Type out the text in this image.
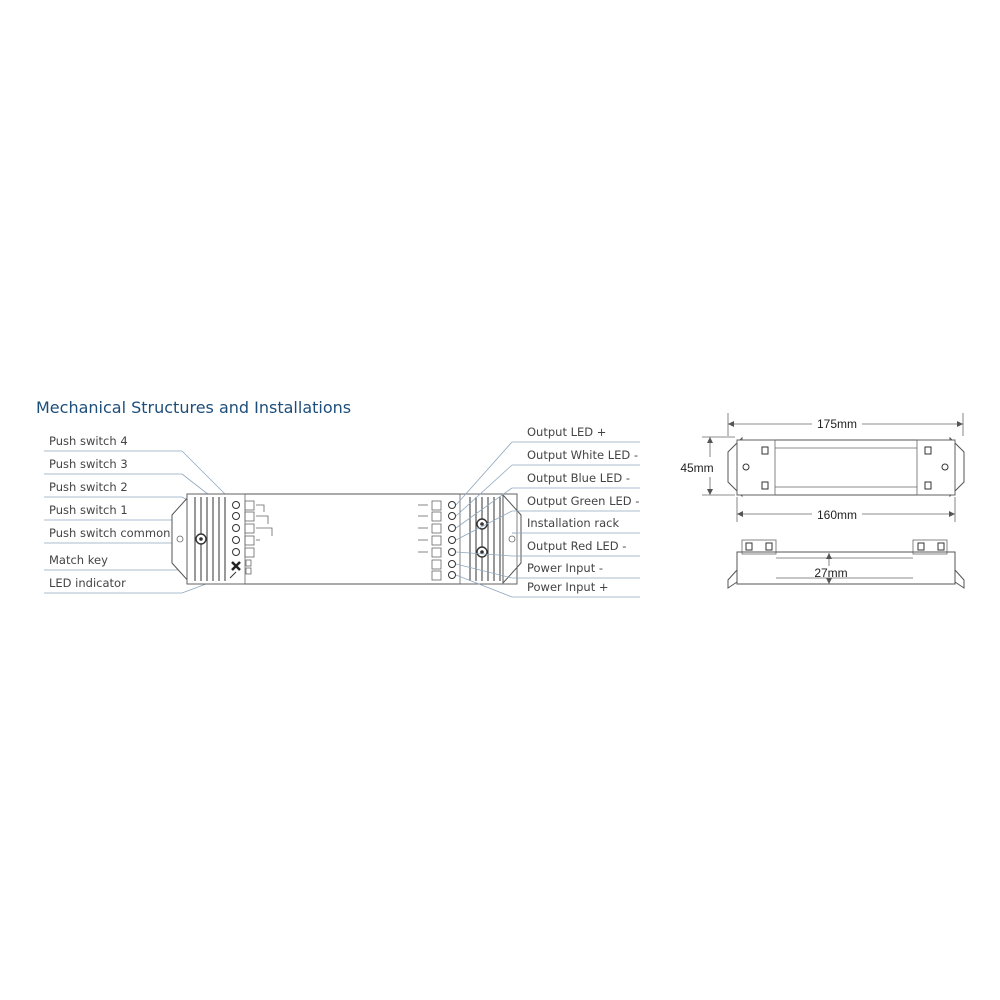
Mechanical Structures and Installations
Push switch 4
Push switch 3
Push switch 2
Push switch 1
Push switch common
Match key
LED indicator
Output LED +
Output White LED -
Output Blue LED -
Output Green LED -
Installation rack
Output Red LED -
Power Input -
Power Input +
175mm
45mm
160mm
27mm
